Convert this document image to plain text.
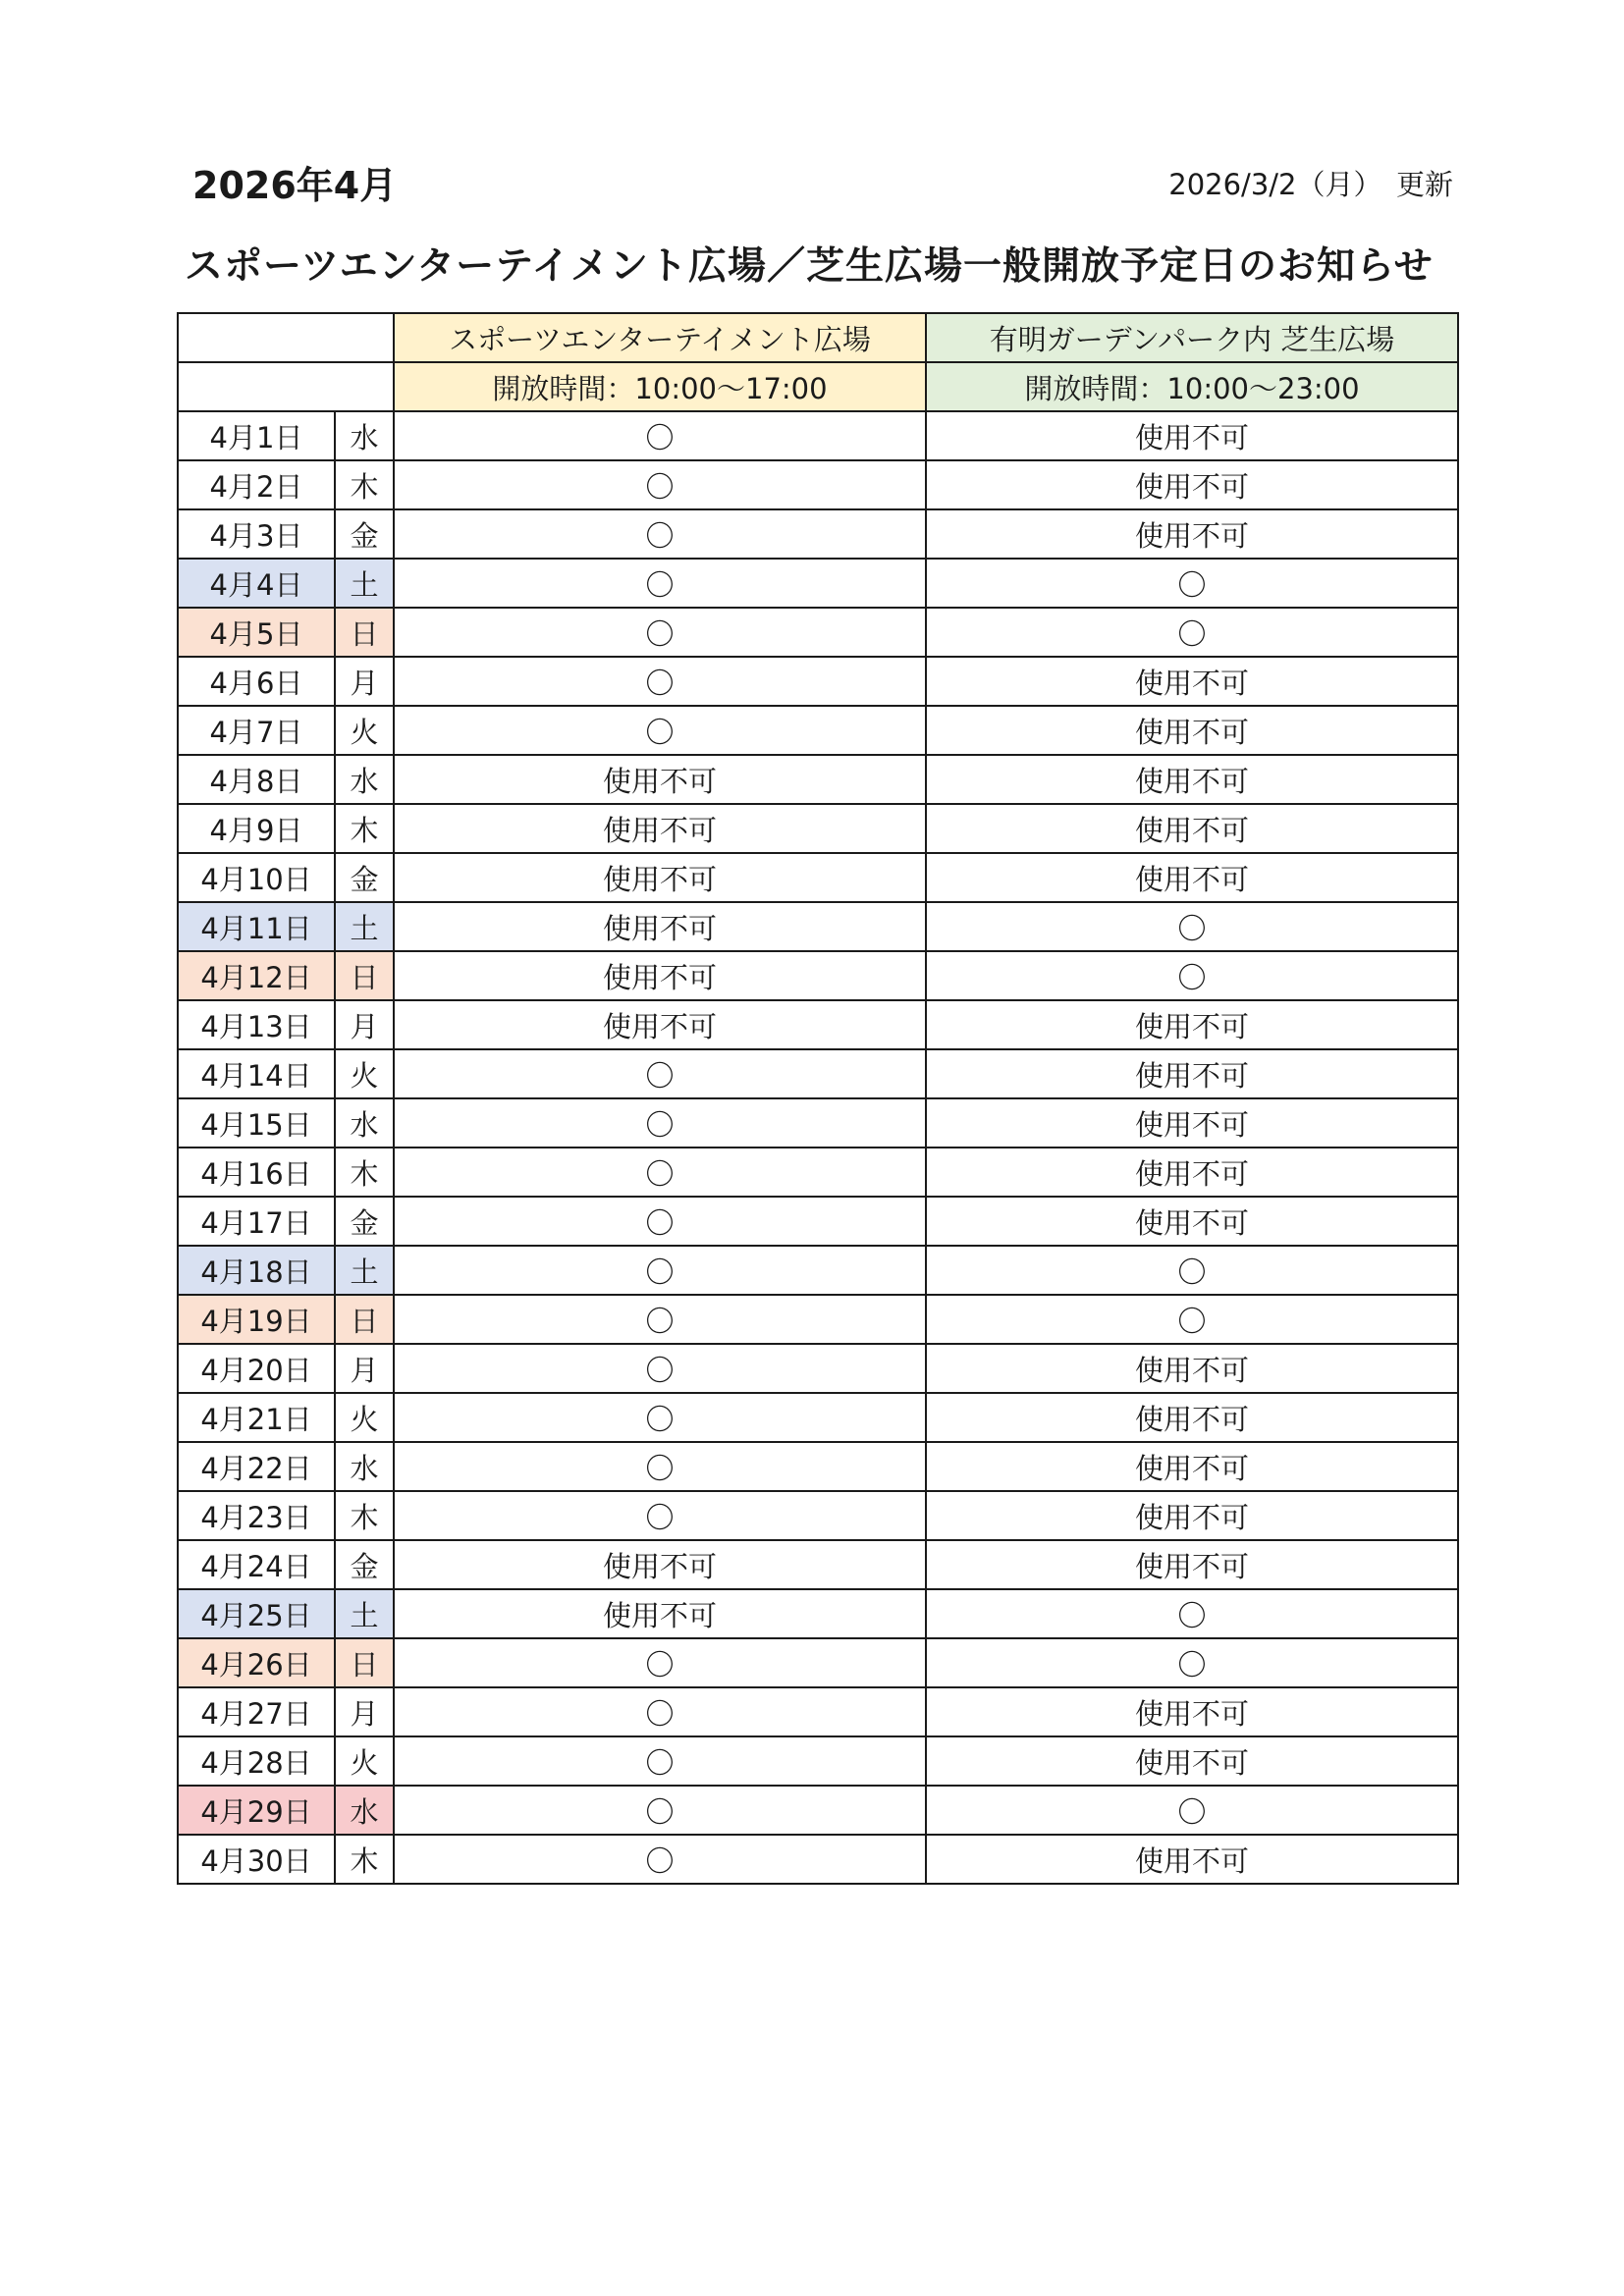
2026年4月	2026/3/2（月）　更新
スポーツエンターテイメント広場／芝生広場一般開放予定日のお知らせ
		スポーツエンターテイメント広場	有明ガーデンパーク内 芝生広場
		開放時間：10:00～17:00	開放時間：10:00～23:00
4月1日	水	〇	使用不可
4月2日	木	〇	使用不可
4月3日	金	〇	使用不可
4月4日	土	〇	〇
4月5日	日	〇	〇
4月6日	月	〇	使用不可
4月7日	火	〇	使用不可
4月8日	水	使用不可	使用不可
4月9日	木	使用不可	使用不可
4月10日	金	使用不可	使用不可
4月11日	土	使用不可	〇
4月12日	日	使用不可	〇
4月13日	月	使用不可	使用不可
4月14日	火	〇	使用不可
4月15日	水	〇	使用不可
4月16日	木	〇	使用不可
4月17日	金	〇	使用不可
4月18日	土	〇	〇
4月19日	日	〇	〇
4月20日	月	〇	使用不可
4月21日	火	〇	使用不可
4月22日	水	〇	使用不可
4月23日	木	〇	使用不可
4月24日	金	使用不可	使用不可
4月25日	土	使用不可	〇
4月26日	日	〇	〇
4月27日	月	〇	使用不可
4月28日	火	〇	使用不可
4月29日	水	〇	〇
4月30日	木	〇	使用不可
